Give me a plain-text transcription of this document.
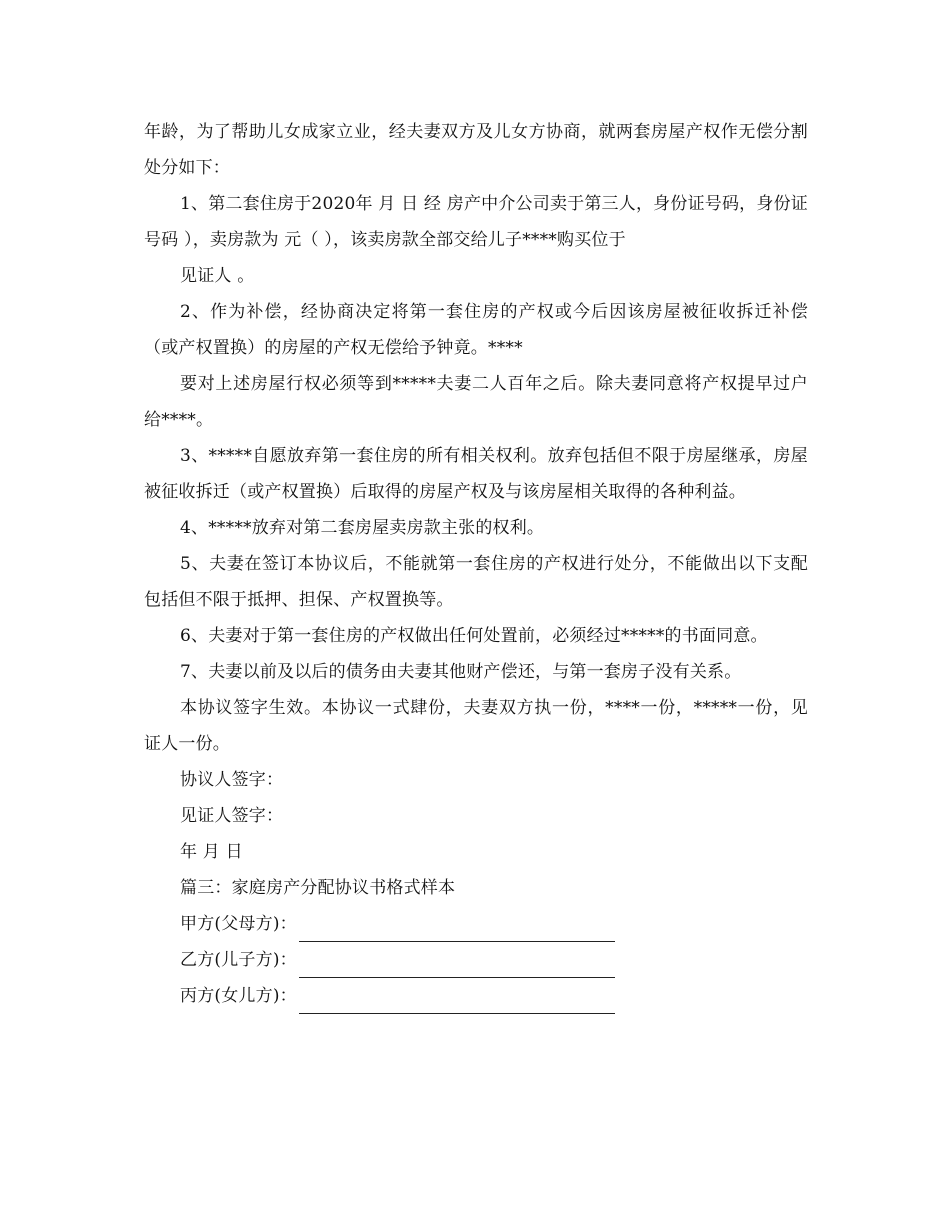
年龄，为了帮助儿女成家立业，经夫妻双方及儿女方协商，就两套房屋产权作无偿分割处分如下：

1、第二套住房于2020年 月 日 经 房产中介公司卖于第三人，身份证号码，身份证号码 ），卖房款为 元（ ），该卖房款全部交给儿子****购买位于

见证人 。

2、作为补偿，经协商决定将第一套住房的产权或今后因该房屋被征收拆迁补偿（或产权置换）的房屋的产权无偿给予钟竟。****

要对上述房屋行权必须等到*****夫妻二人百年之后。除夫妻同意将产权提早过户给****。

3、*****自愿放弃第一套住房的所有相关权利。放弃包括但不限于房屋继承，房屋被征收拆迁（或产权置换）后取得的房屋产权及与该房屋相关取得的各种利益。

4、*****放弃对第二套房屋卖房款主张的权利。

5、夫妻在签订本协议后，不能就第一套住房的产权进行处分，不能做出以下支配包括但不限于抵押、担保、产权置换等。

6、夫妻对于第一套住房的产权做出任何处置前，必须经过*****的书面同意。

7、夫妻以前及以后的债务由夫妻其他财产偿还，与第一套房子没有关系。

本协议签字生效。本协议一式肆份，夫妻双方执一份，****一份，*****一份，见证人一份。

协议人签字：

见证人签字：

年 月 日

篇三：家庭房产分配协议书格式样本

甲方(父母方)：
乙方(儿子方)：
丙方(女儿方)：
